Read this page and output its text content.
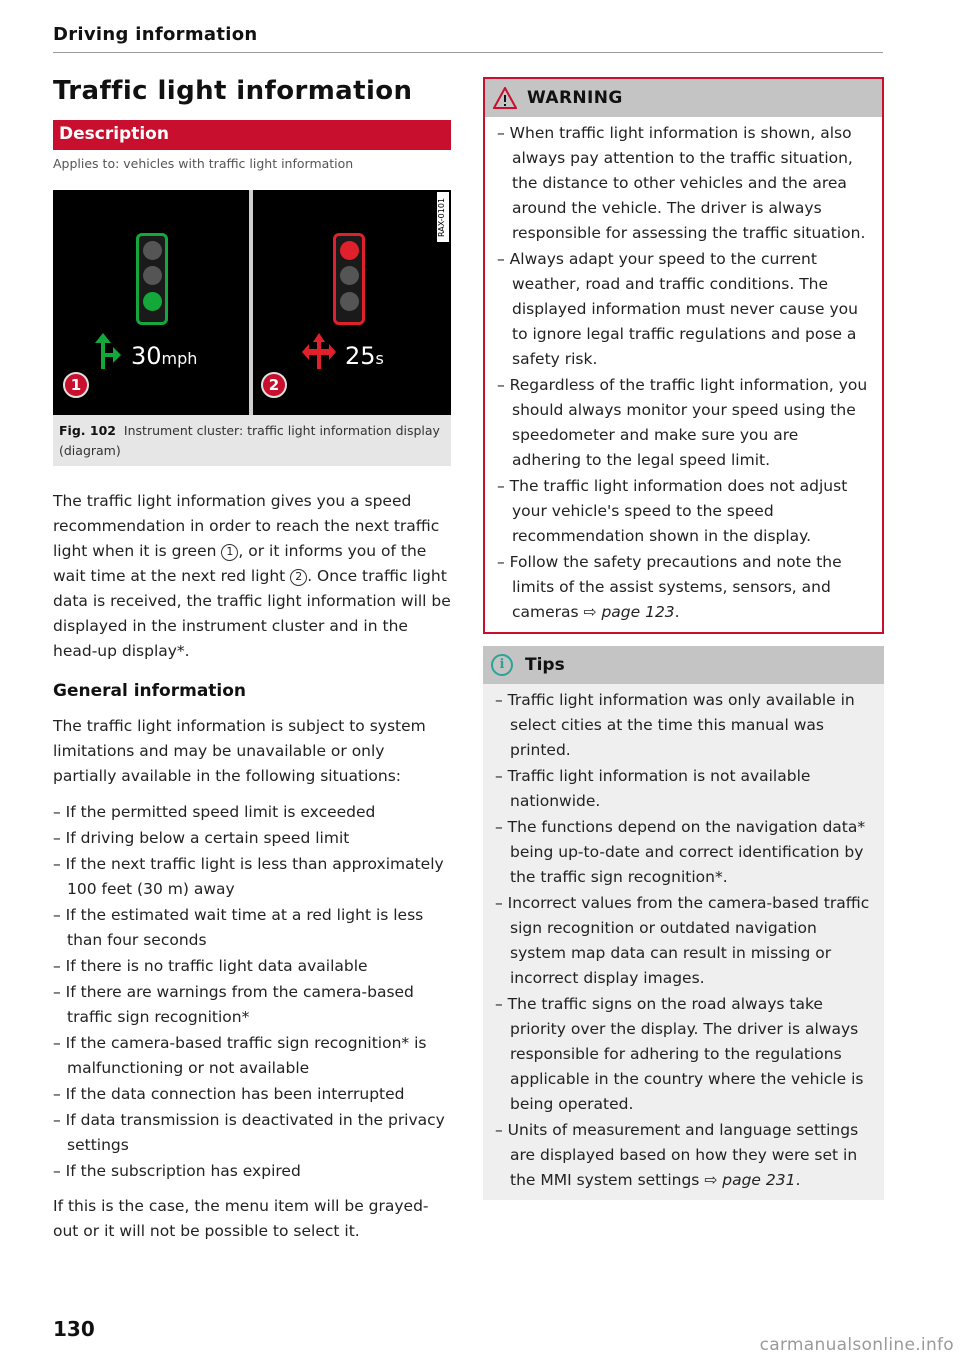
Driving information
Traffic light information
Description
Applies to: vehicles with traffic light information
RAX-0101
30mph	25s
1	2
Fig. 102 Instrument cluster: traffic light information display (diagram)
The traffic light information gives you a speed recommendation in order to reach the next traffic light when it is green 1 , or it informs you of the wait time at the next red light 2 . Once traffic light data is received, the traffic light information will be displayed in the instrument cluster and in the head-up display*.
General information
The traffic light information is subject to system limitations and may be unavailable or only partially available in the following situations:
– If the permitted speed limit is exceeded
– If driving below a certain speed limit
– If the next traffic light is less than approximately 100 feet (30 m) away
– If the estimated wait time at a red light is less than four seconds
– If there is no traffic light data available
– If there are warnings from the camera-based traffic sign recognition*
– If the camera-based traffic sign recognition* is malfunctioning or not available
– If the data connection has been interrupted
– If data transmission is deactivated in the privacy settings
– If the subscription has expired
If this is the case, the menu item will be grayed-out or it will not be possible to select it.
WARNING
– When traffic light information is shown, also always pay attention to the traffic situation, the distance to other vehicles and the area around the vehicle. The driver is always responsible for assessing the traffic situation.
– Always adapt your speed to the current weather, road and traffic conditions. The displayed information must never cause you to ignore legal traffic regulations and pose a safety risk.
– Regardless of the traffic light information, you should always monitor your speed using the speedometer and make sure you are adhering to the legal speed limit.
– The traffic light information does not adjust your vehicle's speed to the speed recommendation shown in the display.
– Follow the safety precautions and note the limits of the assist systems, sensors, and cameras ⇨ page 123.
i	Tips
– Traffic light information was only available in select cities at the time this manual was printed.
– Traffic light information is not available nationwide.
– The functions depend on the navigation data* being up-to-date and correct identification by the traffic sign recognition*.
– Incorrect values from the camera-based traffic sign recognition or outdated navigation system map data can result in missing or incorrect display images.
– The traffic signs on the road always take priority over the display. The driver is always responsible for adhering to the regulations applicable in the country where the vehicle is being operated.
– Units of measurement and language settings are displayed based on how they were set in the MMI system settings ⇨ page 231.
130
carmanualsonline.info
